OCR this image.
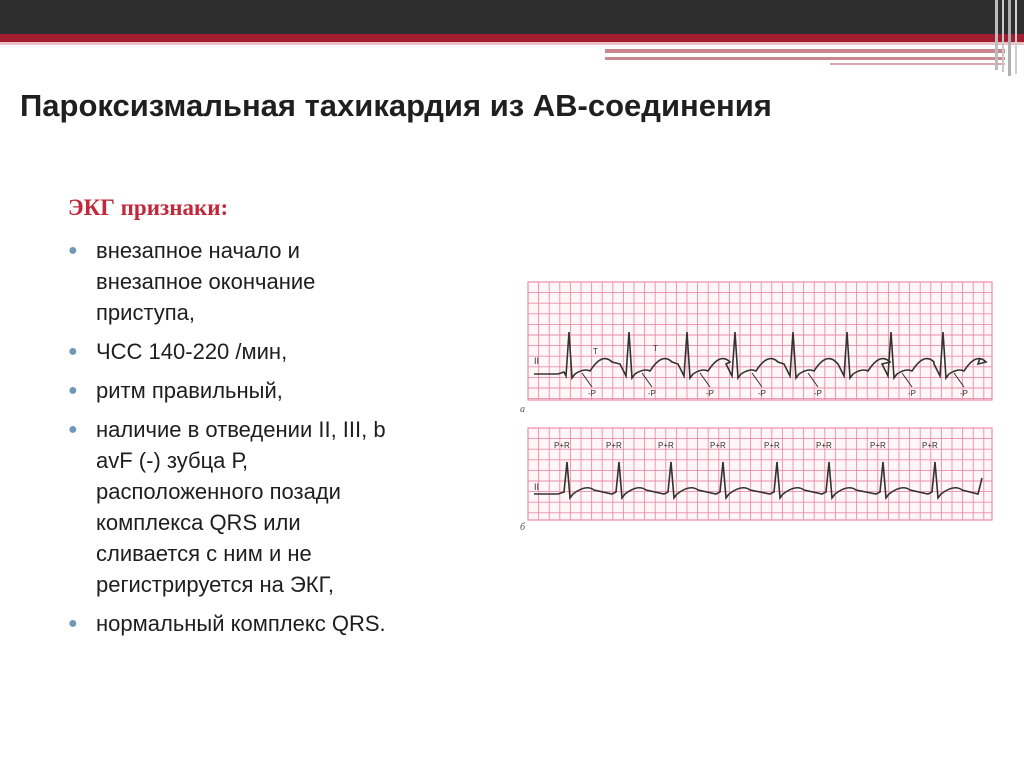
Пароксизмальная тахикардия из АВ-соединения
ЭКГ признаки:
● внезапное начало и
внезапное окончание
приступа,
● ЧСС 140-220 /мин,
● ритм правильный,
● наличие в отведении II, III, b
avF (-) зубца Р,
расположенного позади
комплекса QRS или
сливается с ним и не
регистрируется на ЭКГ,
● нормальный комплекс QRS.
а
II
б
II
T	T
-P	-P	-P	-P	-P	-P	-P
P+R	P+R	P+R	P+R	P+R	P+R	P+R	P+R
